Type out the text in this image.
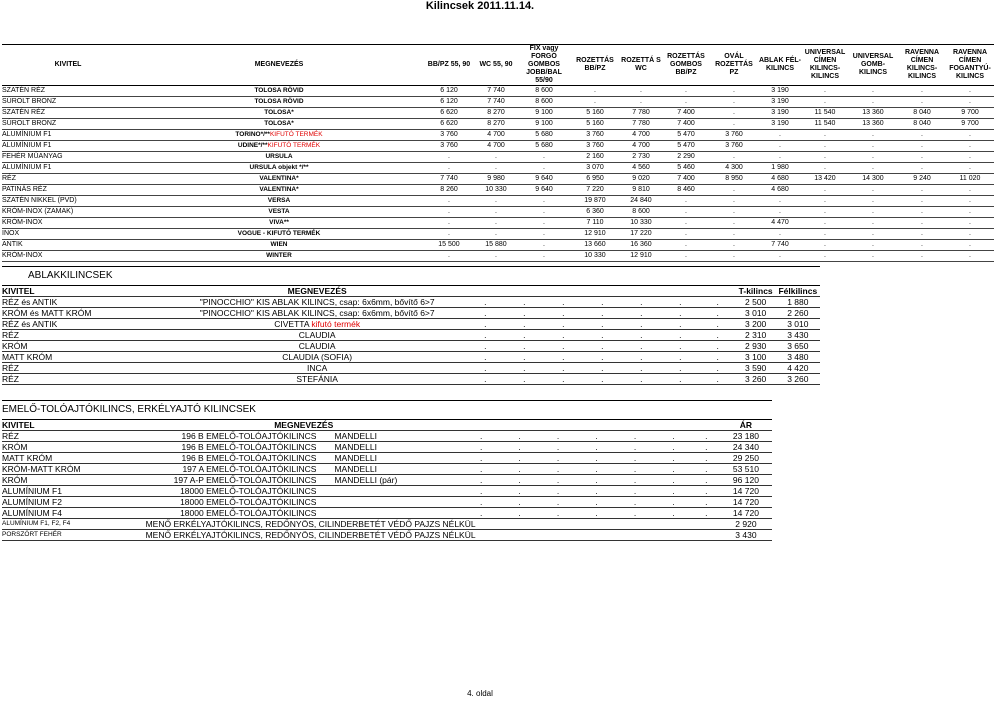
Kilincsek 2011.11.14.
KIVITEL	MEGNEVEZÉS	BB/PZ 55, 90	WC 55, 90	FIX vagy FORGÓ GOMBOS JOBB/BAL 55/90	ROZETTÁS BB/PZ	ROZETTÁ S WC	ROZETTÁS GOMBOS BB/PZ	OVÁL ROZETTÁS PZ	ABLAK FÉL-KILINCS	UNIVERSAL CÍMEN KILINCS-KILINCS	UNIVERSAL GOMB-KILINCS	RAVENNA CÍMEN KILINCS-KILINCS	RAVENNA CÍMEN FOGANTYÚ-KILINCS
SZATÉN RÉZ	TOLOSA RÖVID	6 120	7 740	8 600	.	.	.	.	3 190	.	.	.	.
SÚROLT BRONZ	TOLOSA RÖVID	6 120	7 740	8 600	.	.	.	.	3 190	.	.	.	.
SZATÉN RÉZ	TOLOSA*	6 620	8 270	9 100	5 160	7 780	7 400	.	3 190	11 540	13 360	8 040	9 700
SÚROLT BRONZ	TOLOSA*	6 620	8 270	9 100	5 160	7 780	7 400	.	3 190	11 540	13 360	8 040	9 700
ALUMÍNIUM F1	TORINO*/**KIFUTÓ TERMÉK	3 760	4 700	5 680	3 760	4 700	5 470	3 760	.	.	.	.	.
ALUMÍNIUM F1	UDINE*/**KIFUTÓ TERMÉK	3 760	4 700	5 680	3 760	4 700	5 470	3 760	.	.	.	.	.
FEHÉR MŰANYAG	URSULA	.	.	.	2 160	2 730	2 290	.	.	.	.	.	.
ALUMÍNIUM F1	URSULA objekt */**	.	.	.	3 070	4 560	5 460	4 300	1 980	.	.	.	.
RÉZ	VALENTINA*	7 740	9 980	9 640	6 950	9 020	7 400	8 950	4 680	13 420	14 300	9 240	11 020
PATINÁS RÉZ	VALENTINA*	8 260	10 330	9 640	7 220	9 810	8 460	.	4 680	.	.	.	.
SZATÉN NIKKEL (PVD)	VERSA	.	.	.	19 870	24 840	.	.	.	.	.	.	.
KRÓM-INOX (ZAMAK)	VESTA	.	.	.	6 360	8 600	.	.	.	.	.	.	.
KRÓM-INOX	VIVA**	.	.	.	7 110	10 330	.	.	4 470	.	.	.	.
INOX	VOGUE - KIFUTÓ TERMÉK	.	.	.	12 910	17 220	.	.	.	.	.	.	.
ANTIK	WIEN	15 500	15 880	.	13 660	16 360	.	.	7 740	.	.	.	.
KRÓM-INOX	WINTER	.	.	.	10 330	12 910	.	.	.	.	.	.	.
ABLAKKILINCSEK
KIVITEL	MEGNEVEZÉS								T-kilincs	Félkilincs
RÉZ és ANTIK	"PINOCCHIO" KIS ABLAK KILINCS, csap: 6x6mm, bővítő 6>7	.	.	.	.	.	.	.	2 500	1 880
KRÓM és MATT KRÓM	"PINOCCHIO" KIS ABLAK KILINCS, csap: 6x6mm, bővítő 6>7	.	.	.	.	.	.	.	3 010	2 260
RÉZ és ANTIK	CIVETTA kifutó termék	.	.	.	.	.	.	.	3 200	3 010
RÉZ	CLAUDIA	.	.	.	.	.	.	.	2 310	3 430
KRÓM	CLAUDIA	.	.	.	.	.	.	.	2 930	3 650
MATT KRÓM	CLAUDIA (SOFIA)	.	.	.	.	.	.	.	3 100	3 480
RÉZ	INCA	.	.	.	.	.	.	.	3 590	4 420
RÉZ	STEFÁNIA	.	.	.	.	.	.	.	3 260	3 260
EMELŐ-TOLÓAJTÓKILINCS, ERKÉLYAJTÓ KILINCSEK
KIVITEL	MEGNEVEZÉS									ÁR
RÉZ	196 B EMELŐ-TOLÓAJTÓKILINCS	MANDELLI	.	.	.	.	.	.	.	23 180
KRÓM	196 B EMELŐ-TOLÓAJTÓKILINCS	MANDELLI	.	.	.	.	.	.	.	24 340
MATT KRÓM	196 B EMELŐ-TOLÓAJTÓKILINCS	MANDELLI	.	.	.	.	.	.	.	29 250
KRÓM-MATT KRÓM	197 A EMELŐ-TOLÓAJTÓKILINCS	MANDELLI	.	.	.	.	.	.	.	53 510
KRÓM	197 A-P EMELŐ-TOLÓAJTÓKILINCS	MANDELLI (pár)	.	.	.	.	.	.	.	96 120
ALUMÍNIUM F1	18000 EMELŐ-TOLÓAJTÓKILINCS		.	.	.	.	.	.	.	14 720
ALUMÍNIUM F2	18000 EMELŐ-TOLÓAJTÓKILINCS		.	.	.	.	.	.	.	14 720
ALUMÍNIUM F4	18000 EMELŐ-TOLÓAJTÓKILINCS		.	.	.	.	.	.	.	14 720
ALUMÍNIUM F1, F2, F4	MENŐ ERKÉLYAJTÓKILINCS, REDŐNYÖS, CILINDERBETÉT VÉDŐ PAJZS NÉLKÜL									2 920
PORSZÓRT FEHÉR	MENŐ ERKÉLYAJTÓKILINCS, REDŐNYÖS, CILINDERBETÉT VÉDŐ PAJZS NÉLKÜL									3 430
4. oldal
